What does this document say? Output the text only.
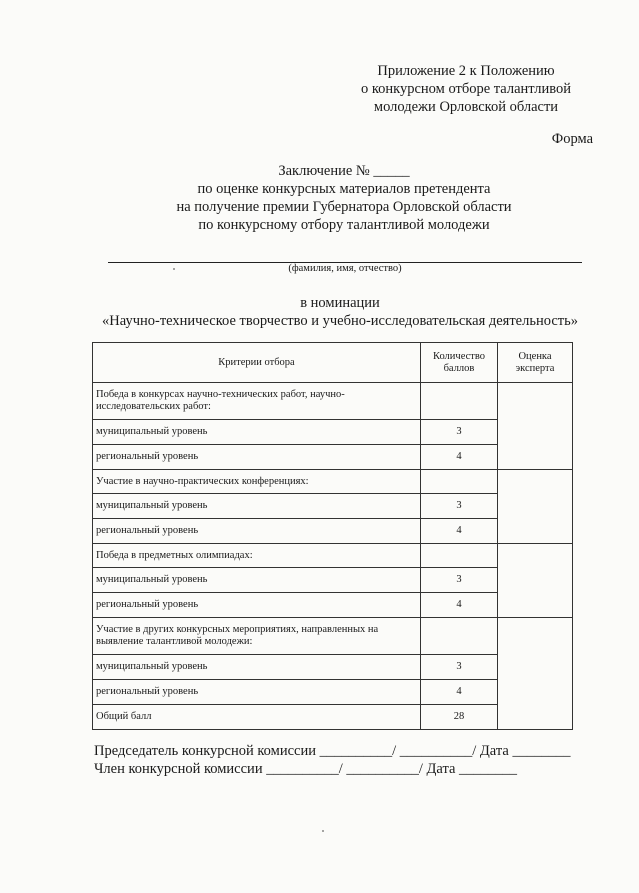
Приложение 2 к Положению
о конкурсном отборе талантливой
молодежи Орловской области
Форма
Заключение № _____
по оценке конкурсных материалов претендента
на получение премии Губернатора Орловской области
по конкурсному отбору талантливой молодежи
(фамилия, имя, отчество)
в номинации
«Научно-техническое творчество и учебно-исследовательская деятельность»
Критерии отбора	Количество баллов	Оценка эксперта
Победа в конкурсах научно-технических работ, научно-исследовательских работ:		
муниципальный уровень	3	
региональный уровень	4	
Участие в научно-практических конференциях:		
муниципальный уровень	3	
региональный уровень	4	
Победа в предметных олимпиадах:		
муниципальный уровень	3	
региональный уровень	4	
Участие в других конкурсных мероприятиях, направленных на выявление талантливой молодежи:		
муниципальный уровень	3	
региональный уровень	4	
Общий балл	28	
Председатель конкурсной комиссии __________/ __________/ Дата ________
Член конкурсной комиссии __________/ __________/ Дата ________
